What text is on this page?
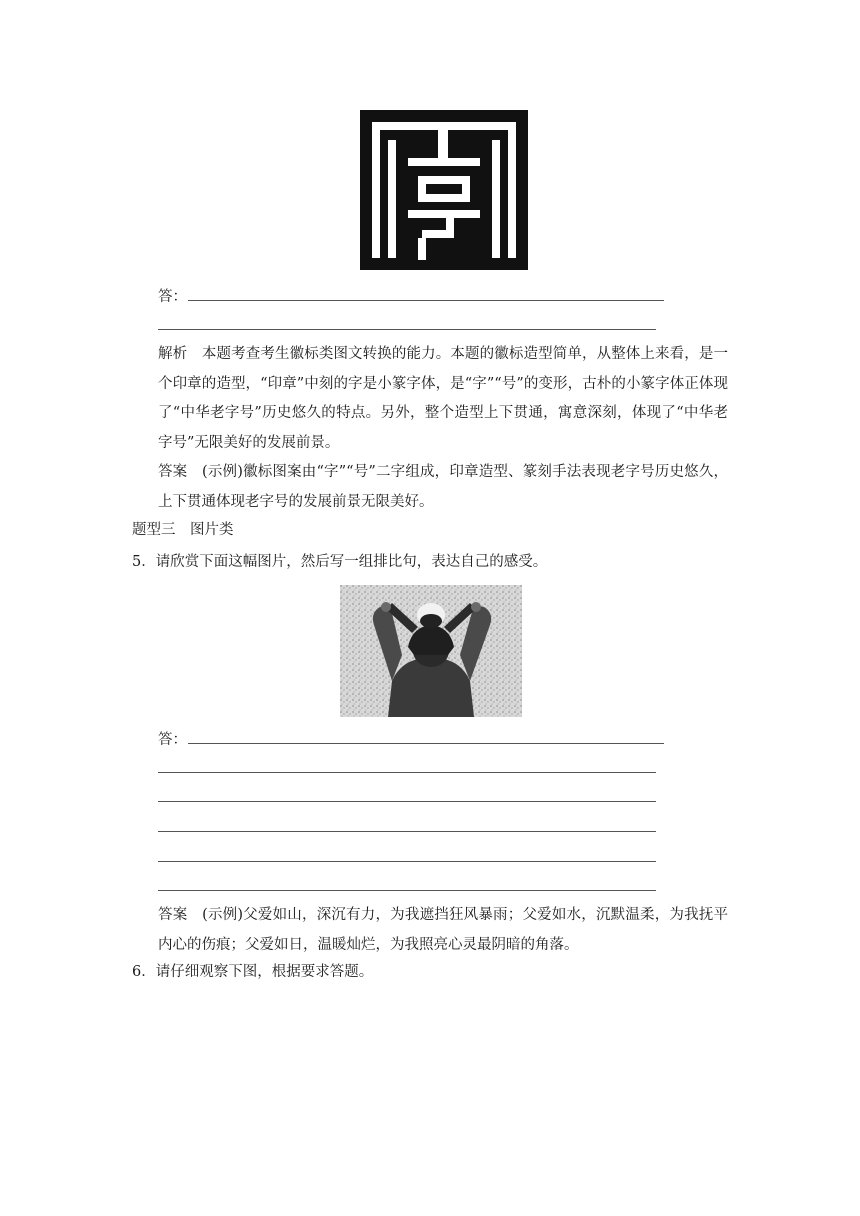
答：
解析　 本题考查考生徽标类图文转换的能力。本题的徽标造型简单，从整体上来看，是一个印章的造型，“印章”中刻的字是小篆字体，是“字”“号”的变形，古朴的小篆字体正体现了“中华老字号”历史悠久的特点。另外，整个造型上下贯通，寓意深刻，体现了“中华老字号”无限美好的发展前景。
答案　 (示例)徽标图案由“字”“号”二字组成，印章造型、篆刻手法表现老字号历史悠久，上下贯通体现老字号的发展前景无限美好。
题型三　图片类
5．请欣赏下面这幅图片，然后写一组排比句，表达自己的感受。
答：
答案　 (示例)父爱如山，深沉有力，为我遮挡狂风暴雨；父爱如水，沉默温柔，为我抚平内心的伤痕；父爱如日，温暖灿烂，为我照亮心灵最阴暗的角落。
6．请仔细观察下图，根据要求答题。
